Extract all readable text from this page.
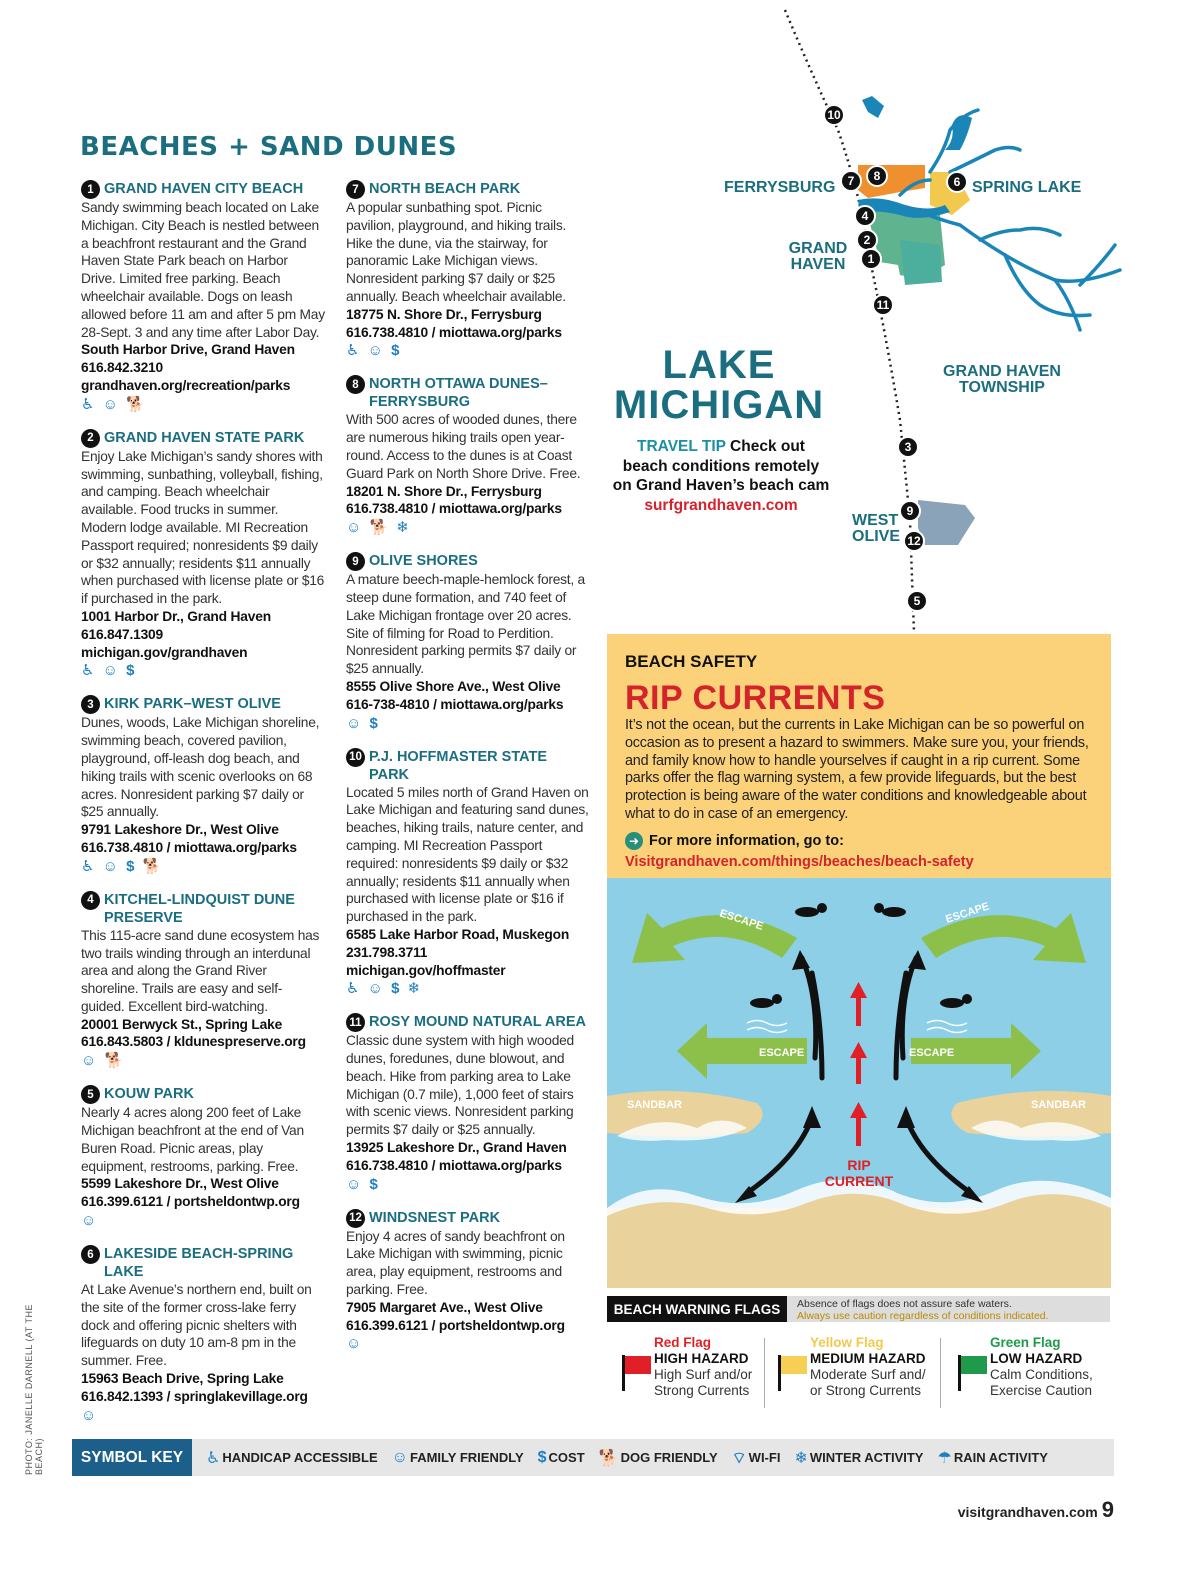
BEACHES + SAND DUNES
1 GRAND HAVEN CITY BEACH
Sandy swimming beach located on Lake Michigan. City Beach is nestled between a beachfront restaurant and the Grand Haven State Park beach on Harbor Drive. Limited free parking. Beach wheelchair available. Dogs on leash allowed before 11 am and after 5 pm May 28-Sept. 3 and any time after Labor Day.
South Harbor Drive, Grand Haven
616.842.3210
grandhaven.org/recreation/parks
♿ ☺ 🐕
2 GRAND HAVEN STATE PARK
Enjoy Lake Michigan’s sandy shores with swimming, sunbathing, volleyball, fishing, and camping. Beach wheelchair available. Food trucks in summer. Modern lodge available. MI Recreation Passport required; nonresidents $9 daily or $32 annually; residents $11 annually when purchased with license plate or $16 if purchased in the park.
1001 Harbor Dr., Grand Haven
616.847.1309
michigan.gov/grandhaven
♿ ☺ $
3 KIRK PARK–WEST OLIVE
Dunes, woods, Lake Michigan shoreline, swimming beach, covered pavilion, playground, off-leash dog beach, and hiking trails with scenic overlooks on 68 acres. Nonresident parking $7 daily or $25 annually.
9791 Lakeshore Dr., West Olive
616.738.4810 / miottawa.org/parks
♿ ☺ $ 🐕
4 KITCHEL-LINDQUIST DUNE PRESERVE
This 115-acre sand dune ecosystem has two trails winding through an interdunal area and along the Grand River shoreline. Trails are easy and self-guided. Excellent bird-watching.
20001 Berwyck St., Spring Lake
616.843.5803 / kldunespreserve.org
☺ 🐕
5 KOUW PARK
Nearly 4 acres along 200 feet of Lake Michigan beachfront at the end of Van Buren Road. Picnic areas, play equipment, restrooms, parking. Free.
5599 Lakeshore Dr., West Olive
616.399.6121 / portsheldontwp.org
☺
6 LAKESIDE BEACH-SPRING LAKE
At Lake Avenue’s northern end, built on the site of the former cross-lake ferry dock and offering picnic shelters with lifeguards on duty 10 am-8 pm in the summer. Free.
15963 Beach Drive, Spring Lake
616.842.1393 / springlakevillage.org
☺
7 NORTH BEACH PARK
A popular sunbathing spot. Picnic pavilion, playground, and hiking trails. Hike the dune, via the stairway, for panoramic Lake Michigan views. Nonresident parking $7 daily or $25 annually. Beach wheelchair available.
18775 N. Shore Dr., Ferrysburg
616.738.4810 / miottawa.org/parks
♿ ☺ $
8 NORTH OTTAWA DUNES–FERRYSBURG
With 500 acres of wooded dunes, there are numerous hiking trails open year-round. Access to the dunes is at Coast Guard Park on North Shore Drive. Free.
18201 N. Shore Dr., Ferrysburg
616.738.4810 / miottawa.org/parks
☺ 🐕 ❄
9 OLIVE SHORES
A mature beech-maple-hemlock forest, a steep dune formation, and 740 feet of Lake Michigan frontage over 20 acres. Site of filming for Road to Perdition. Nonresident parking permits $7 daily or $25 annually.
8555 Olive Shore Ave., West Olive
616-738-4810 / miottawa.org/parks
☺ $
10 P.J. HOFFMASTER STATE PARK
Located 5 miles north of Grand Haven on Lake Michigan and featuring sand dunes, beaches, hiking trails, nature center, and camping. MI Recreation Passport required: nonresidents $9 daily or $32 annually; residents $11 annually when purchased with license plate or $16 if purchased in the park.
6585 Lake Harbor Road, Muskegon
231.798.3711
michigan.gov/hoffmaster
♿ ☺ $ ❄
11 ROSY MOUND NATURAL AREA
Classic dune system with high wooded dunes, foredunes, dune blowout, and beach. Hike from parking area to Lake Michigan (0.7 mile), 1,000 feet of stairs with scenic views. Nonresident parking permits $7 daily or $25 annually.
13925 Lakeshore Dr., Grand Haven
616.738.4810 / miottawa.org/parks
☺ $
12 WINDSNEST PARK
Enjoy 4 acres of sandy beachfront on Lake Michigan with swimming, picnic area, play equipment, restrooms and parking. Free.
7905 Margaret Ave., West Olive
616.399.6121 / portsheldontwp.org
☺
PHOTO: JANELLE DARNELL (AT THE BEACH)
FERRYSBURG	SPRING LAKE
GRAND
HAVEN
GRAND HAVEN
TOWNSHIP
WEST
OLIVE
10
7	8	6
4
2
1
11
3
9
12
5
LAKE
MICHIGAN
TRAVEL TIP Check out
beach conditions remotely
on Grand Haven’s beach cam
surfgrandhaven.com
BEACH SAFETY
RIP CURRENTS
It’s not the ocean, but the currents in Lake Michigan can be so powerful on occasion as to present a hazard to swimmers. Make sure you, your friends, and family know how to handle yourselves if caught in a rip current. Some parks offer the flag warning system, a few provide lifeguards, but the best protection is being aware of the water conditions and knowledgeable about what to do in case of an emergency.
➜ For more information, go to:
Visitgrandhaven.com/things/beaches/beach-safety
ESCAPE	ESCAPE
ESCAPE	ESCAPE
SANDBAR	SANDBAR
RIP
CURRENT
BEACH WARNING FLAGS	Absence of flags does not assure safe waters.
Always use caution regardless of conditions indicated.
Red Flag
HIGH HAZARD
High Surf and/or
Strong Currents
Yellow Flag
MEDIUM HAZARD
Moderate Surf and/
or Strong Currents
Green Flag
LOW HAZARD
Calm Conditions,
Exercise Caution
SYMBOL KEY	♿ HANDICAP ACCESSIBLE ☺ FAMILY FRIENDLY $ COST 🐕 DOG FRIENDLY ⌔ WI-FI ❄ WINTER ACTIVITY ☂ RAIN ACTIVITY
visitgrandhaven.com 9
